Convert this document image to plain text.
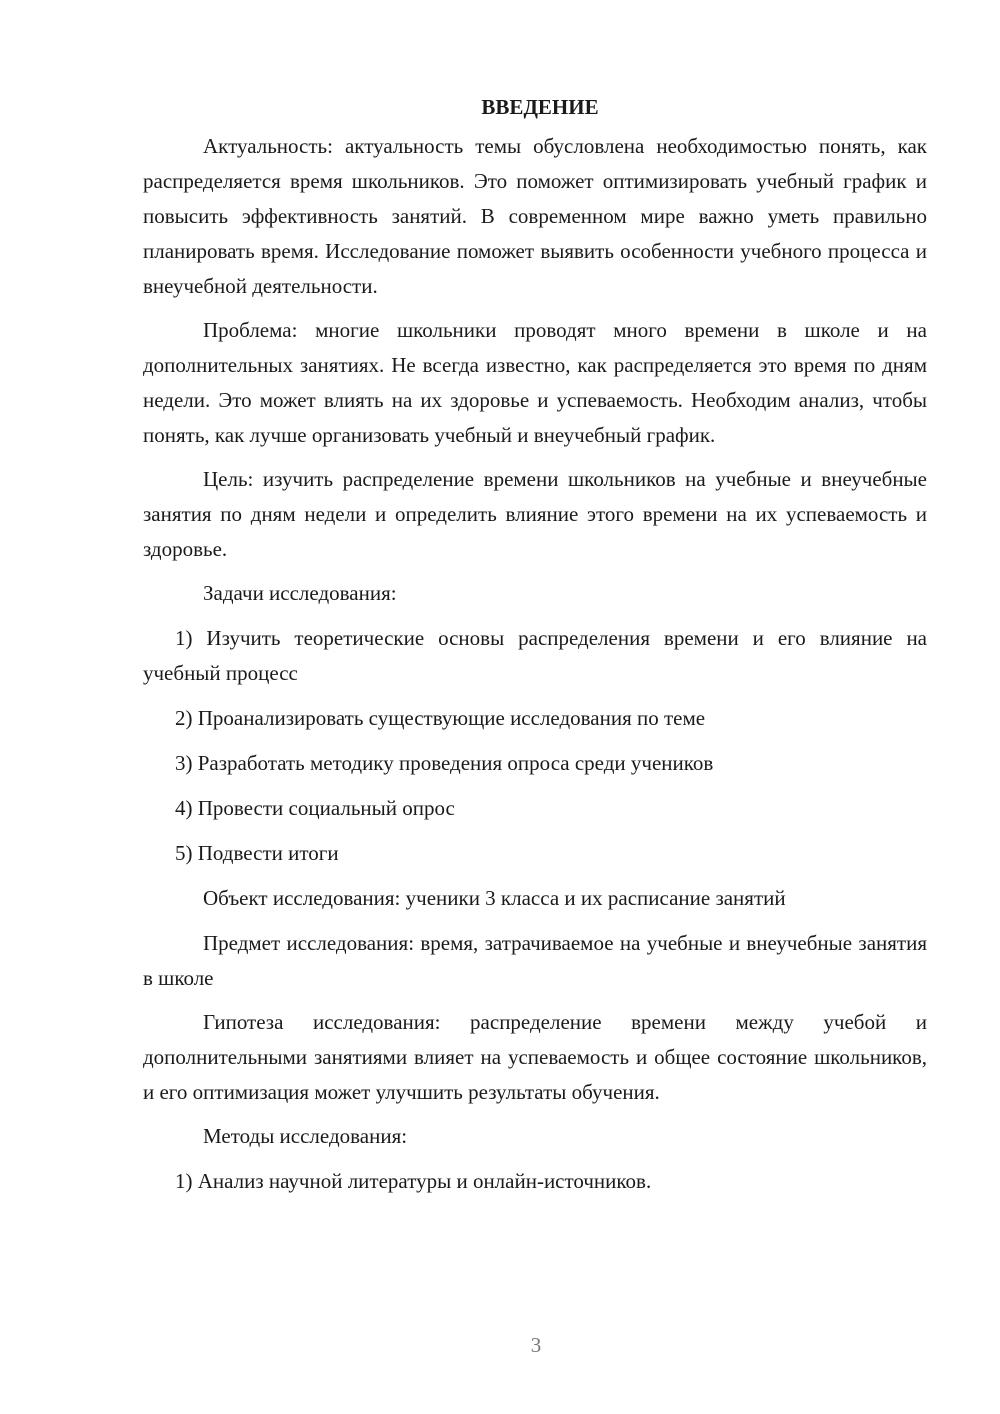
ВВЕДЕНИЕ

Актуальность: актуальность темы обусловлена необходимостью понять, как распределяется время школьников. Это поможет оптимизировать учебный график и повысить эффективность занятий. В современном мире важно уметь правильно планировать время. Исследование поможет выявить особенности учебного процесса и внеучебной деятельности.

Проблема: многие школьники проводят много времени в школе и на дополнительных занятиях. Не всегда известно, как распределяется это время по дням недели. Это может влиять на их здоровье и успеваемость. Необходим анализ, чтобы понять, как лучше организовать учебный и внеучебный график.

Цель: изучить распределение времени школьников на учебные и внеучебные занятия по дням недели и определить влияние этого времени на их успеваемость и здоровье.

Задачи исследования:

1) Изучить теоретические основы распределения времени и его влияние на учебный процесс

2) Проанализировать существующие исследования по теме

3) Разработать методику проведения опроса среди учеников

4) Провести социальный опрос

5) Подвести итоги

Объект исследования: ученики 3 класса и их расписание занятий

Предмет исследования: время, затрачиваемое на учебные и внеучебные занятия в школе

Гипотеза исследования: распределение времени между учебой и дополнительными занятиями влияет на успеваемость и общее состояние школьников, и его оптимизация может улучшить результаты обучения.

Методы исследования:

1) Анализ научной литературы и онлайн-источников.

3
